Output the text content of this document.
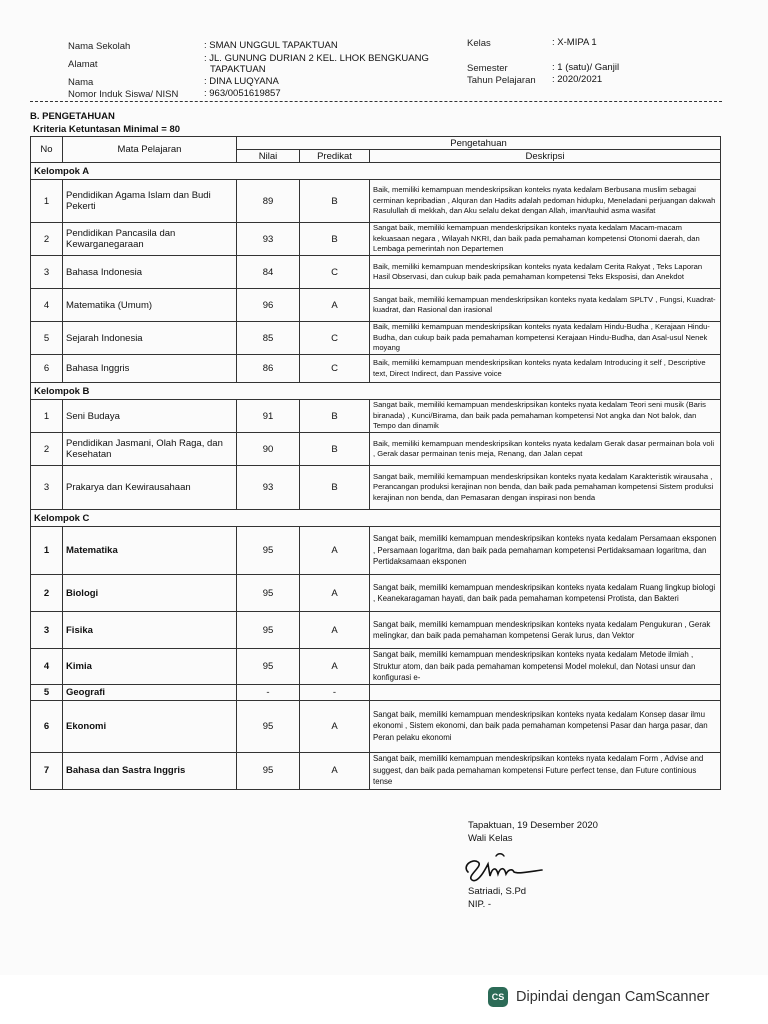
Nama Sekolah	: SMAN UNGGUL TAPAKTUAN
Alamat
: JL. GUNUNG DURIAN 2 KEL. LHOK BENGKUANG
TAPAKTUAN
Nama	: DINA LUQYANA
Nomor Induk Siswa/ NISN	: 963/0051619857
Kelas	: X-MIPA 1
Semester	: 1 (satu)/ Ganjil
Tahun Pelajaran : 2020/2021
B. PENGETAHUAN
Kriteria Ketuntasan Minimal = 80
No	Mata Pelajaran	Pengetahuan		
		Nilai	Predikat	Deskripsi
Kelompok A				
1	Pendidikan Agama Islam dan Budi Pekerti	89	B	Baik, memiliki kemampuan mendeskripsikan konteks nyata kedalam Berbusana muslim sebagai cerminan kepribadian , Alquran dan Hadits adalah pedoman hidupku, Meneladani perjuangan dakwah Rasulullah di mekkah, dan Aku selalu dekat dengan Allah, iman/tauhid asma wasifat
2	Pendidikan Pancasila dan Kewarganegaraan	93	B	Sangat baik, memiliki kemampuan mendeskripsikan konteks nyata kedalam Macam-macam kekuasaan negara , Wilayah NKRI, dan baik pada pemahaman kompetensi Otonomi daerah, dan Lembaga pemerintah non Departemen
3	Bahasa Indonesia	84	C	Baik, memiliki kemampuan mendeskripsikan konteks nyata kedalam Cerita Rakyat , Teks Laporan Hasil Observasi, dan cukup baik pada pemahaman kompetensi Teks Eksposisi, dan Anekdot
4	Matematika (Umum)	96	A	Sangat baik, memiliki kemampuan mendeskripsikan konteks nyata kedalam SPLTV , Fungsi, Kuadrat-kuadrat, dan Rasional dan irasional
5	Sejarah Indonesia	85	C	Baik, memiliki kemampuan mendeskripsikan konteks nyata kedalam Hindu-Budha , Kerajaan Hindu-Budha, dan cukup baik pada pemahaman kompetensi Kerajaan Hindu-Budha, dan Asal-usul Nenek moyang
6	Bahasa Inggris	86	C	Baik, memiliki kemampuan mendeskripsikan konteks nyata kedalam Introducing it self , Descriptive text, Direct Indirect, dan Passive voice
Kelompok B				
1	Seni Budaya	91	B	Sangat baik, memiliki kemampuan mendeskripsikan konteks nyata kedalam Teori seni musik (Baris biranada) , Kunci/Birama, dan baik pada pemahaman kompetensi Not angka dan Not balok, dan Tempo dan dinamik
2	Pendidikan Jasmani, Olah Raga, dan Kesehatan	90	B	Baik, memiliki kemampuan mendeskripsikan konteks nyata kedalam Gerak dasar permainan bola voli , Gerak dasar permainan tenis meja, Renang, dan Jalan cepat
3	Prakarya dan Kewirausahaan	93	B	Sangat baik, memiliki kemampuan mendeskripsikan konteks nyata kedalam Karakteristik wirausaha , Perancangan produksi kerajinan non benda, dan baik pada pemahaman kompetensi Sistem produksi kerajinan non benda, dan Pemasaran dengan inspirasi non benda
Kelompok C				
1	Matematika	95	A	Sangat baik, memiliki kemampuan mendeskripsikan konteks nyata kedalam Persamaan eksponen , Persamaan logaritma, dan baik pada pemahaman kompetensi Pertidaksamaan logaritma, dan Pertidaksamaan eksponen
2	Biologi	95	A	Sangat baik, memiliki kemampuan mendeskripsikan konteks nyata kedalam Ruang lingkup biologi , Keanekaragaman hayati, dan baik pada pemahaman kompetensi Protista, dan Bakteri
3	Fisika	95	A	Sangat baik, memiliki kemampuan mendeskripsikan konteks nyata kedalam Pengukuran , Gerak melingkar, dan baik pada pemahaman kompetensi Gerak lurus, dan Vektor
4	Kimia	95	A	Sangat baik, memiliki kemampuan mendeskripsikan konteks nyata kedalam Metode ilmiah , Struktur atom, dan baik pada pemahaman kompetensi Model molekul, dan Notasi unsur dan konfigurasi e-
5	Geografi	-	-	
6	Ekonomi	95	A	Sangat baik, memiliki kemampuan mendeskripsikan konteks nyata kedalam Konsep dasar ilmu ekonomi , Sistem ekonomi, dan baik pada pemahaman kompetensi Pasar dan harga pasar, dan Peran pelaku ekonomi
7	Bahasa dan Sastra Inggris	95	A	Sangat baik, memiliki kemampuan mendeskripsikan konteks nyata kedalam Form , Advise and suggest, dan baik pada pemahaman kompetensi Future perfect tense, dan Future continious tense
Tapaktuan, 19 Desember 2020
Wali Kelas
Satriadi, S.Pd
NIP. -
CS Dipindai dengan CamScanner
